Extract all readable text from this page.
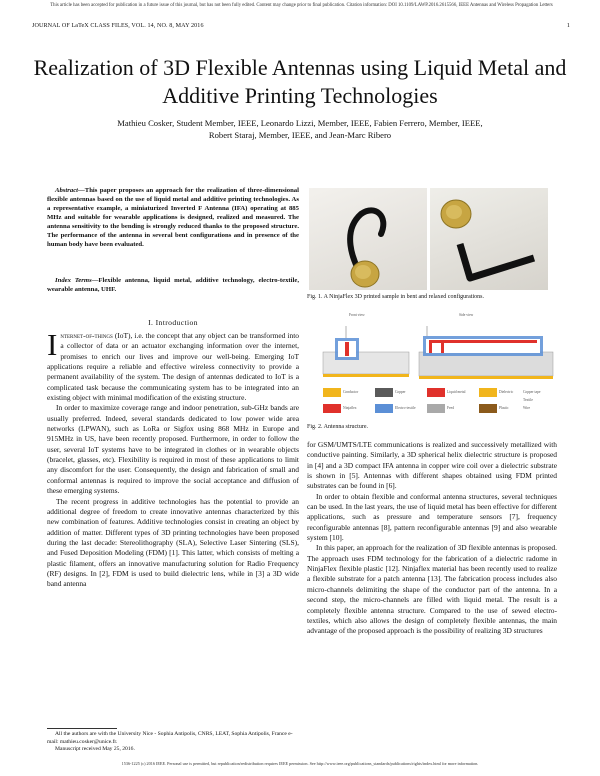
This article has been accepted for publication in a future issue of this journal, but has not been fully edited. Content may change prior to final publication. Citation information: DOI 10.1109/LAWP.2016.2615566, IEEE Antennas and Wireless Propagation Letters
JOURNAL OF LaTeX CLASS FILES, VOL. 14, NO. 8, MAY 2016	1
Realization of 3D Flexible Antennas using Liquid Metal and Additive Printing Technologies
Mathieu Cosker, Student Member, IEEE, Leonardo Lizzi, Member, IEEE, Fabien Ferrero, Member, IEEE,
Robert Staraj, Member, IEEE, and Jean-Marc Ribero
Abstract—This paper proposes an approach for the realization of three-dimensional flexible antennas based on the use of liquid metal and additive printing technologies. As a representative example, a miniaturized Inverted F Antenna (IFA) operating at 885 MHz and suitable for wearable applications is designed, realized and measured. The antenna sensitivity to the bending is strongly reduced thanks to the proposed structure. The performance of the antenna in several bent configurations and in presence of the human body have been evaluated.
Index Terms—Flexible antenna, liquid metal, additive technology, electro-textile, wearable antenna, UHF.
I. Introduction

Internet-of-things (IoT), i.e. the concept that any object can be transformed into a collector of data or an actuator exchanging information over the internet, promises to enrich our lives and improve our well-being. Emerging IoT applications require a reliable and effective wireless connectivity to provide a permanent availability of the system. The design of antennas dedicated to IoT is a complicated task because the communicating system has to be integrated into an existing object with minimal modification of the existing structure.

In order to maximize coverage range and indoor penetration, sub-GHz bands are usually preferred. Indeed, several standards dedicated to low power wide area networks (LPWAN), such as LoRa or Sigfox using 868 MHz in Europe and 915MHz in US, have been recently proposed. Furthermore, in order to follow the user, several IoT systems have to be integrated in clothes or in wearable objects (bracelet, glasses, etc). Flexibility is required in most of these applications to limit any discomfort for the user. Consequently, the design and fabrication of small and conformal antennas is required to improve the social acceptance and diffusion of these emerging systems.

The recent progress in additive technologies has the potential to provide an additional degree of freedom to create innovative antennas characterized by this new combination of features. Additive technologies consist in creating an object by addition of matter. Different types of 3D printing technologies have been proposed during the last decade: Stereolithography (SLA), Selective Laser Sintering (SLS), and Fused Deposition Modeling (FDM) [1]. This latter, which consists of melting a plastic filament, offers an innovative manufacturing solution for Radio Frequency (RF) designs. In [2], FDM is used to build dielectric lens, while in [3] a 3D wide band antenna

All the authors are with the University Nice - Sophia Antipolis, CNRS, LEAT, Sophia Antipolis, France e-mail: mathieu.cosker@unice.fr.
Manuscript received May 25, 2016.
Fig. 1. A NinjaFlex 3D printed sample in bent and relaxed configurations.
Front view	Side view
Conductor	Copper	Liquid metal	Dielectric
Ninjaflex	Electro-textile	Feed	Plastic
Copper tape
Textile
Wire
Fig. 2. Antenna structure.

for GSM/UMTS/LTE communications is realized and successively metallized with conductive painting. Similarly, a 3D spherical helix dielectric structure is proposed in [4] and a 3D compact IFA antenna in copper wire coil over a dielectric substrate is shown in [5]. Antennas with different shapes obtained using FDM printed substrates can be found in [6].

In order to obtain flexible and conformal antenna structures, several techniques can be used. In the last years, the use of liquid metal has been effective for different applications, such as pressure and temperature sensors [7], frequency reconfigurable antennas [8], pattern reconfigurable antennas [9] and also wearable system [10].

In this paper, an approach for the realization of 3D flexible antennas is proposed. The approach uses FDM technology for the fabrication of a dielectric radome in NinjaFlex flexible plastic [12]. Ninjaflex material has been recently used to realize a flexible substrate for a patch antenna [13]. The fabrication process includes also micro-channels delimiting the shape of the conductor part of the antenna. In a second step, the micro-channels are filled with liquid metal. The result is a completely flexible antenna structure. Compared to the use of sewed electro-textiles, which also allows the design of completely flexible antennas, the main advantage of the proposed approach is the possibility of realizing 3D structures

1536-1225 (c) 2016 IEEE. Personal use is permitted, but republication/redistribution requires IEEE permission. See http://www.ieee.org/publications_standards/publications/rights/index.html for more information.
